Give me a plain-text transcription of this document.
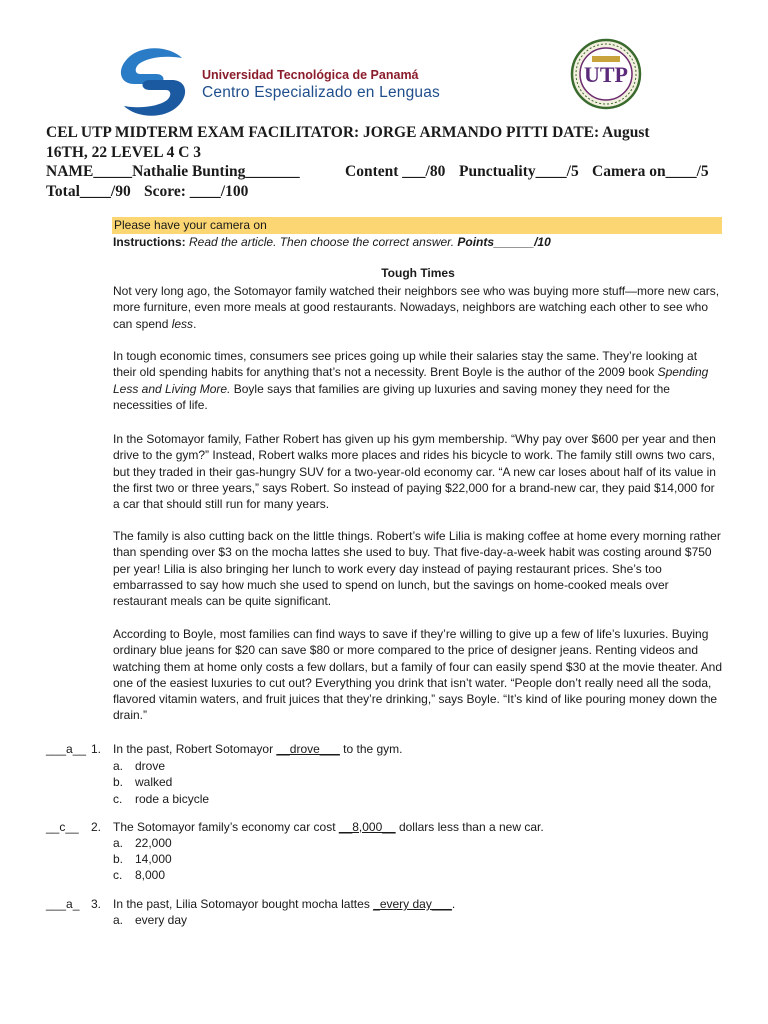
Universidad Tecnológica de Panamá
Centro Especializado en Lenguas
UTP
CEL UTP MIDTERM EXAM FACILITATOR: JORGE ARMANDO PITTI DATE: August
16TH, 22 LEVEL 4 C 3
NAME_____Nathalie Bunting_______	Content ___/80 Punctuality____/5 Camera on____/5
Total____/90 Score: ____/100
Please have your camera on
Instructions: Read the article. Then choose the correct answer. Points______/10
Tough Times
Not very long ago, the Sotomayor family watched their neighbors see who was buying more stuff—more new cars, more furniture, even more meals at good restaurants. Nowadays, neighbors are watching each other to see who can spend less.
In tough economic times, consumers see prices going up while their salaries stay the same. They’re looking at their old spending habits for anything that’s not a necessity. Brent Boyle is the author of the 2009 book Spending Less and Living More. Boyle says that families are giving up luxuries and saving money they need for the necessities of life.
In the Sotomayor family, Father Robert has given up his gym membership. “Why pay over $600 per year and then drive to the gym?” Instead, Robert walks more places and rides his bicycle to work. The family still owns two cars, but they traded in their gas-hungry SUV for a two-year-old economy car. “A new car loses about half of its value in the first two or three years,” says Robert. So instead of paying $22,000 for a brand-new car, they paid $14,000 for a car that should still run for many years.
The family is also cutting back on the little things. Robert’s wife Lilia is making coffee at home every morning rather than spending over $3 on the mocha lattes she used to buy. That five-day-a-week habit was costing around $750 per year! Lilia is also bringing her lunch to work every day instead of paying restaurant prices. She’s too embarrassed to say how much she used to spend on lunch, but the savings on home-cooked meals over restaurant meals can be quite significant.
According to Boyle, most families can find ways to save if they’re willing to give up a few of life’s luxuries. Buying ordinary blue jeans for $20 can save $80 or more compared to the price of designer jeans. Renting videos and watching them at home only costs a few dollars, but a family of four can easily spend $30 at the movie theater. And one of the easiest luxuries to cut out? Everything you drink that isn’t water. “People don’t really need all the soda, flavored vitamin waters, and fruit juices that they’re drinking,” says Boyle. “It’s kind of like pouring money down the drain.”
___a__ 1. In the past, Robert Sotomayor __drove___ to the gym.
a. drove
b. walked
c. rode a bicycle
__c__ 2. The Sotomayor family’s economy car cost __8,000__ dollars less than a new car.
a. 22,000
b. 14,000
c. 8,000
___a_ 3. In the past, Lilia Sotomayor bought mocha lattes _every day___.
a. every day
